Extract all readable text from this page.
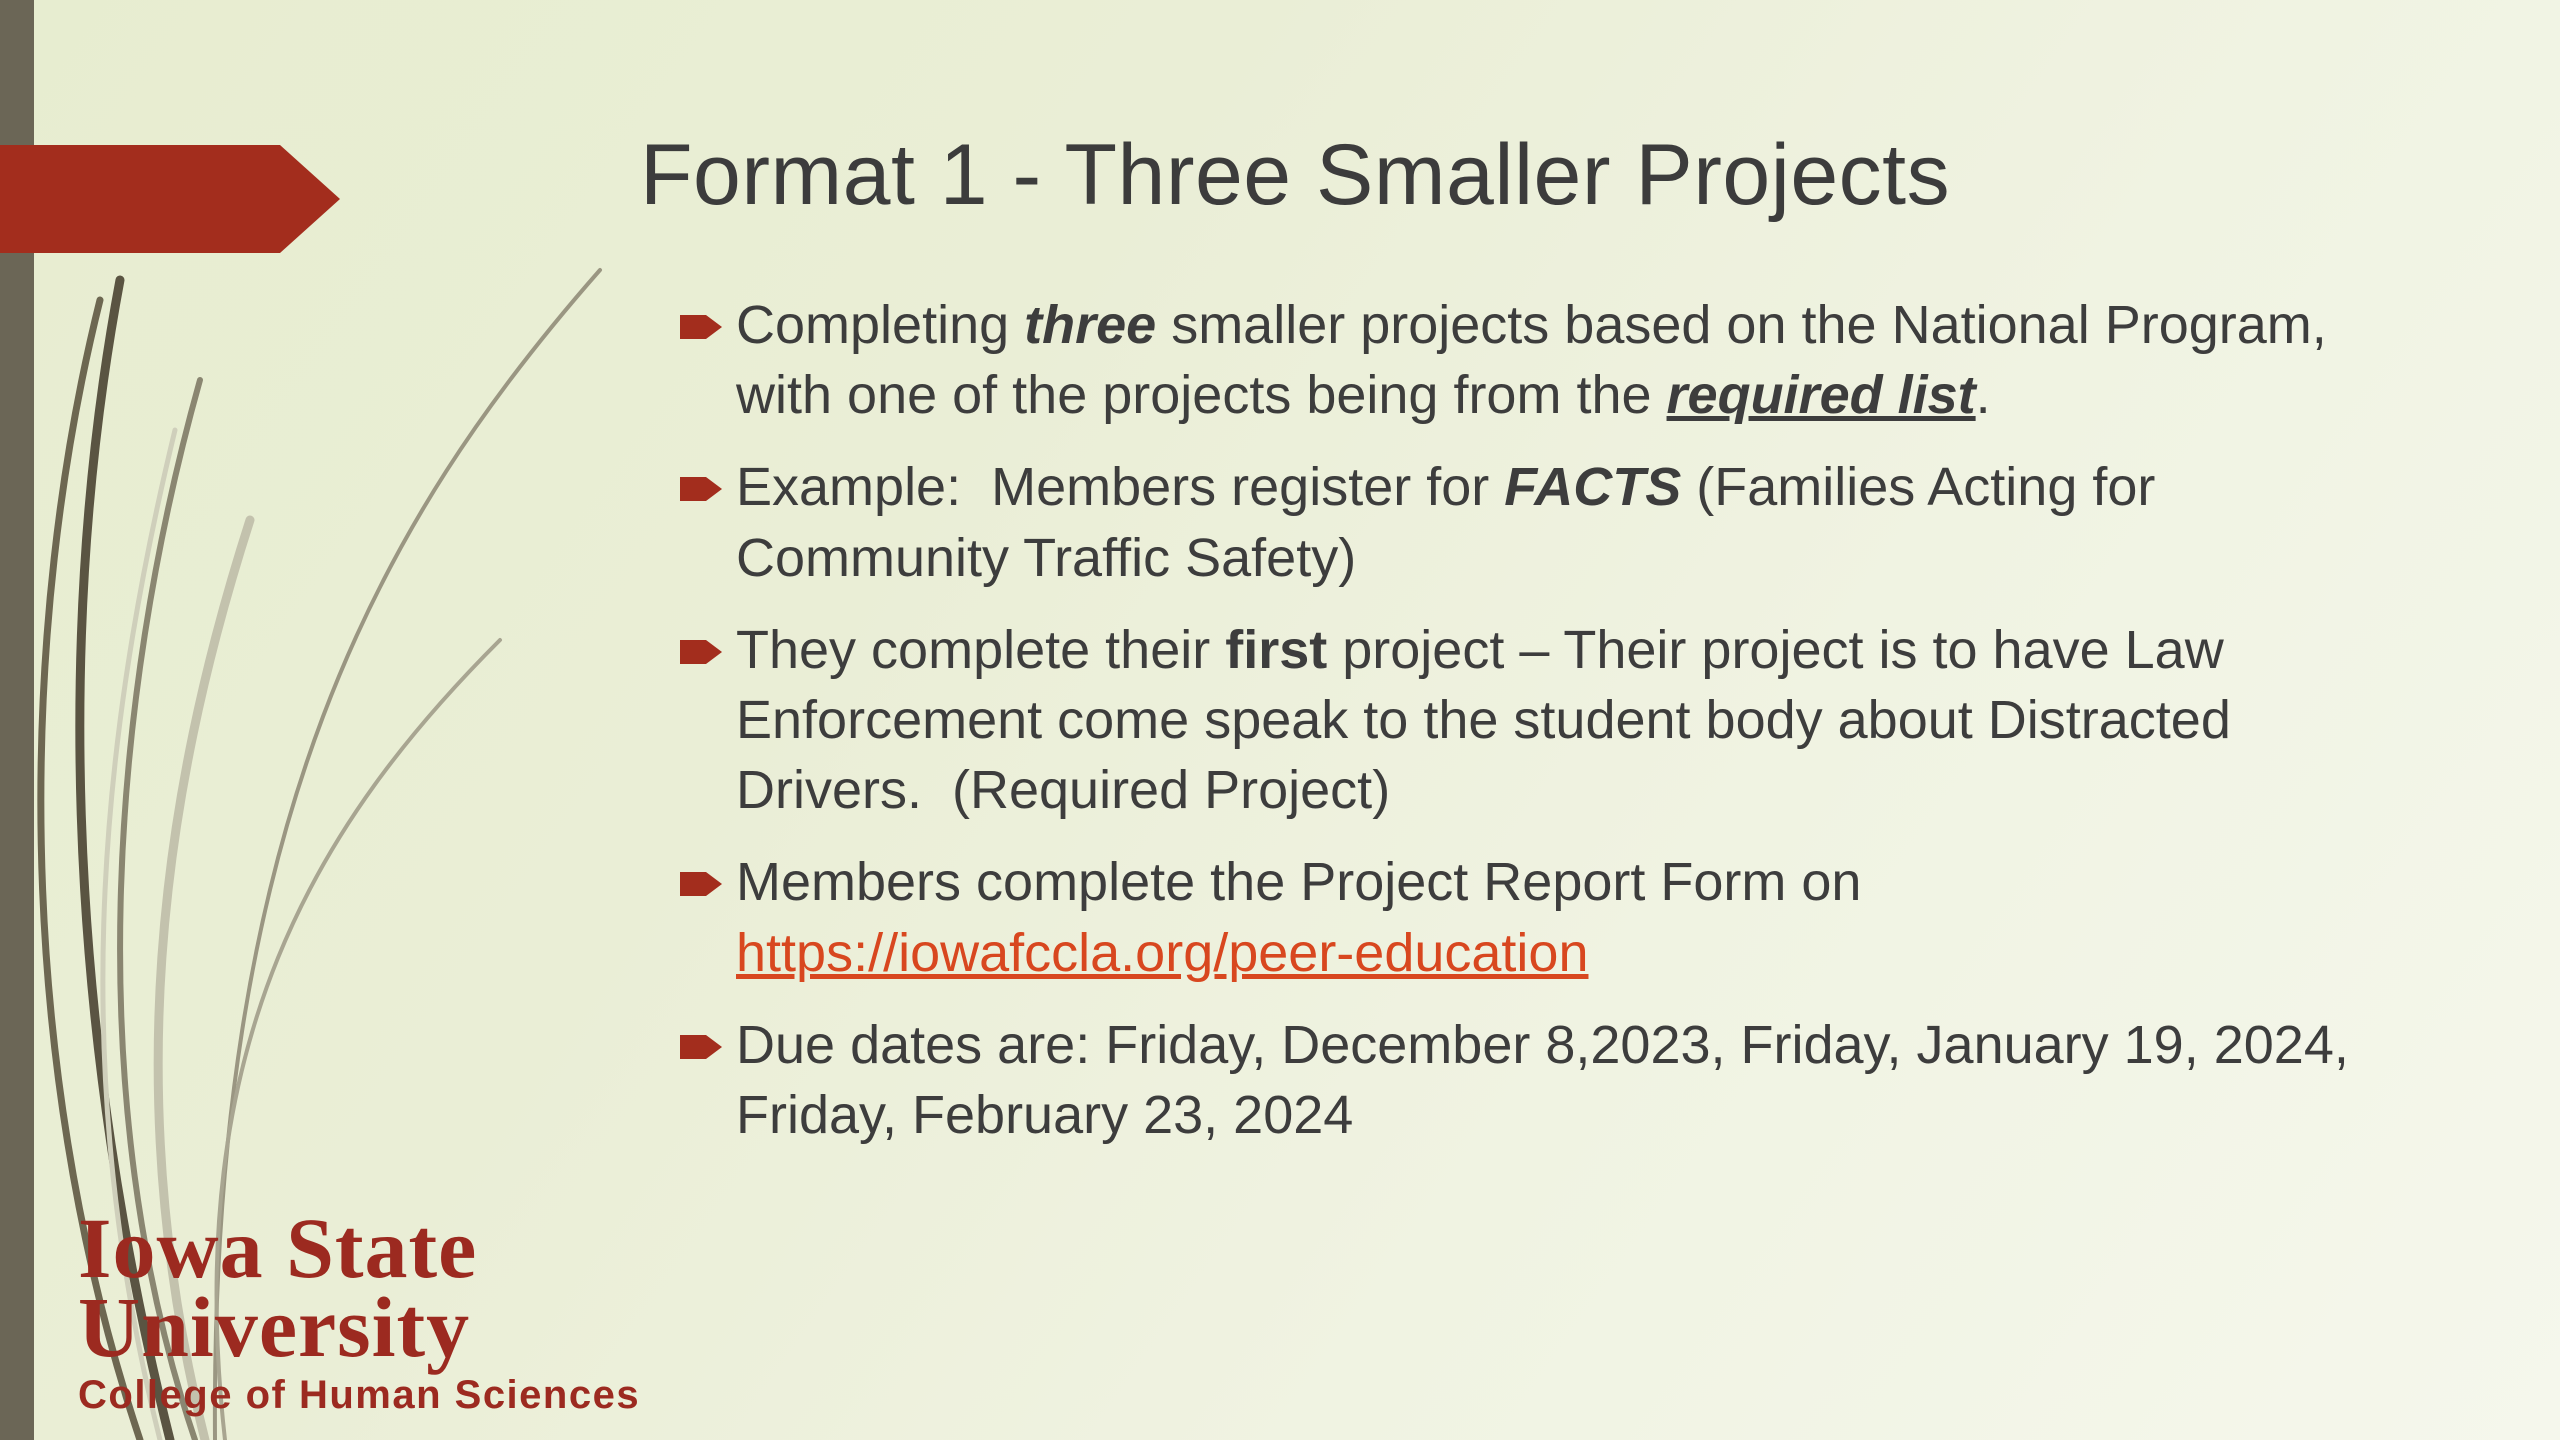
Format 1 - Three Smaller Projects
Completing three smaller projects based on the National Program, with one of the projects being from the required list.
Example:  Members register for FACTS (Families Acting for Community Traffic Safety)
They complete their first project – Their project is to have Law Enforcement come speak to the student body about Distracted Drivers.  (Required Project)
Members complete the Project Report Form on https://iowafccla.org/peer-education
Due dates are: Friday, December 8,2023, Friday, January 19, 2024, Friday, February 23, 2024
Iowa State
University
College of Human Sciences
